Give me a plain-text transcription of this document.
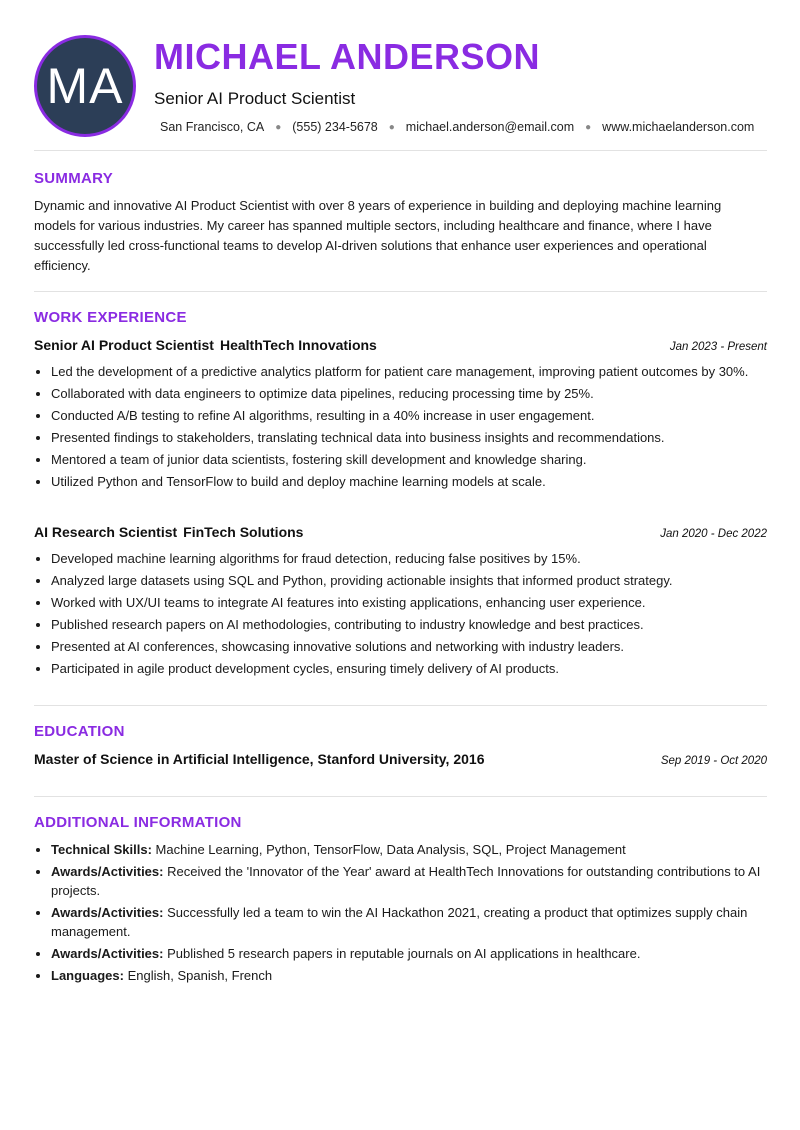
MA
MICHAEL ANDERSON
Senior AI Product Scientist
San Francisco, CA ● (555) 234-5678 ● michael.anderson@email.com ● www.michaelanderson.com
SUMMARY

Dynamic and innovative AI Product Scientist with over 8 years of experience in building and deploying machine learning models for various industries. My career has spanned multiple sectors, including healthcare and finance, where I have successfully led cross-functional teams to develop AI-driven solutions that enhance user experiences and operational efficiency.

WORK EXPERIENCE
Senior AI Product Scientist HealthTech Innovations	Jan 2023 - Present
• Led the development of a predictive analytics platform for patient care management, improving patient outcomes by 30%.
• Collaborated with data engineers to optimize data pipelines, reducing processing time by 25%.
• Conducted A/B testing to refine AI algorithms, resulting in a 40% increase in user engagement.
• Presented findings to stakeholders, translating technical data into business insights and recommendations.
• Mentored a team of junior data scientists, fostering skill development and knowledge sharing.
• Utilized Python and TensorFlow to build and deploy machine learning models at scale.
AI Research Scientist FinTech Solutions	Jan 2020 - Dec 2022
• Developed machine learning algorithms for fraud detection, reducing false positives by 15%.
• Analyzed large datasets using SQL and Python, providing actionable insights that informed product strategy.
• Worked with UX/UI teams to integrate AI features into existing applications, enhancing user experience.
• Published research papers on AI methodologies, contributing to industry knowledge and best practices.
• Presented at AI conferences, showcasing innovative solutions and networking with industry leaders.
• Participated in agile product development cycles, ensuring timely delivery of AI products.
EDUCATION
Master of Science in Artificial Intelligence, Stanford University, 2016	Sep 2019 - Oct 2020
ADDITIONAL INFORMATION
• Technical Skills: Machine Learning, Python, TensorFlow, Data Analysis, SQL, Project Management
• Awards/Activities: Received the 'Innovator of the Year' award at HealthTech Innovations for outstanding contributions to AI projects.
• Awards/Activities: Successfully led a team to win the AI Hackathon 2021, creating a product that optimizes supply chain management.
• Awards/Activities: Published 5 research papers in reputable journals on AI applications in healthcare.
• Languages: English, Spanish, French
